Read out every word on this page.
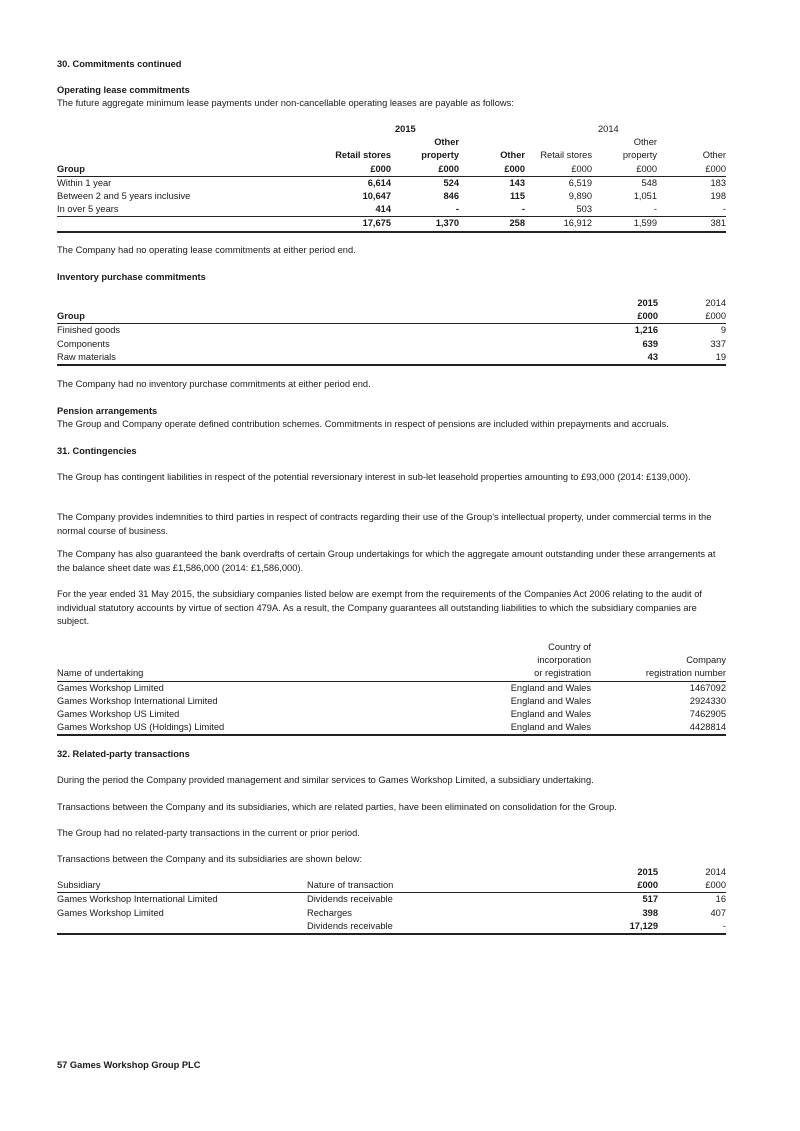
30. Commitments continued

Operating lease commitments

The future aggregate minimum lease payments under non-cancellable operating leases are payable as follows:

		2015			2014	
		Other			Other	
	Retail stores	property	Other	Retail stores	property	Other
Group	£000	£000	£000	£000	£000	£000
Within 1 year	6,614	524	143	6,519	548	183
Between 2 and 5 years inclusive	10,647	846	115	9,890	1,051	198
In over 5 years	414	-	-	503	-	-
	17,675	1,370	258	16,912	1,599	381

The Company had no operating lease commitments at either period end.

Inventory purchase commitments

	2015	2014
Group	£000	£000
Finished goods	1,216	9
Components	639	337
Raw materials	43	19

The Company had no inventory purchase commitments at either period end.

Pension arrangements

The Group and Company operate defined contribution schemes. Commitments in respect of pensions are included within prepayments and accruals.

31. Contingencies

The Group has contingent liabilities in respect of the potential reversionary interest in sub-let leasehold properties amounting to £93,000 (2014: £139,000).

The Company provides indemnities to third parties in respect of contracts regarding their use of the Group’s intellectual property, under commercial terms in the normal course of business.

The Company has also guaranteed the bank overdrafts of certain Group undertakings for which the aggregate amount outstanding under these arrangements at the balance sheet date was £1,586,000 (2014: £1,586,000).

For the year ended 31 May 2015, the subsidiary companies listed below are exempt from the requirements of the Companies Act 2006 relating to the audit of individual statutory accounts by virtue of section 479A. As a result, the Company guarantees all outstanding liabilities to which the subsidiary companies are subject.

	Country of	
	incorporation	Company
Name of undertaking	or registration	registration number
Games Workshop Limited	England and Wales	1467092
Games Workshop International Limited	England and Wales	2924330
Games Workshop US Limited	England and Wales	7462905
Games Workshop US (Holdings) Limited	England and Wales	4428814

32. Related-party transactions

During the period the Company provided management and similar services to Games Workshop Limited, a subsidiary undertaking.

Transactions between the Company and its subsidiaries, which are related parties, have been eliminated on consolidation for the Group.

The Group had no related-party transactions in the current or prior period.

Transactions between the Company and its subsidiaries are shown below:

		2015	2014
Subsidiary	Nature of transaction	£000	£000
Games Workshop International Limited	Dividends receivable	517	16
Games Workshop Limited	Recharges	398	407
	Dividends receivable	17,129	-

57 Games Workshop Group PLC
